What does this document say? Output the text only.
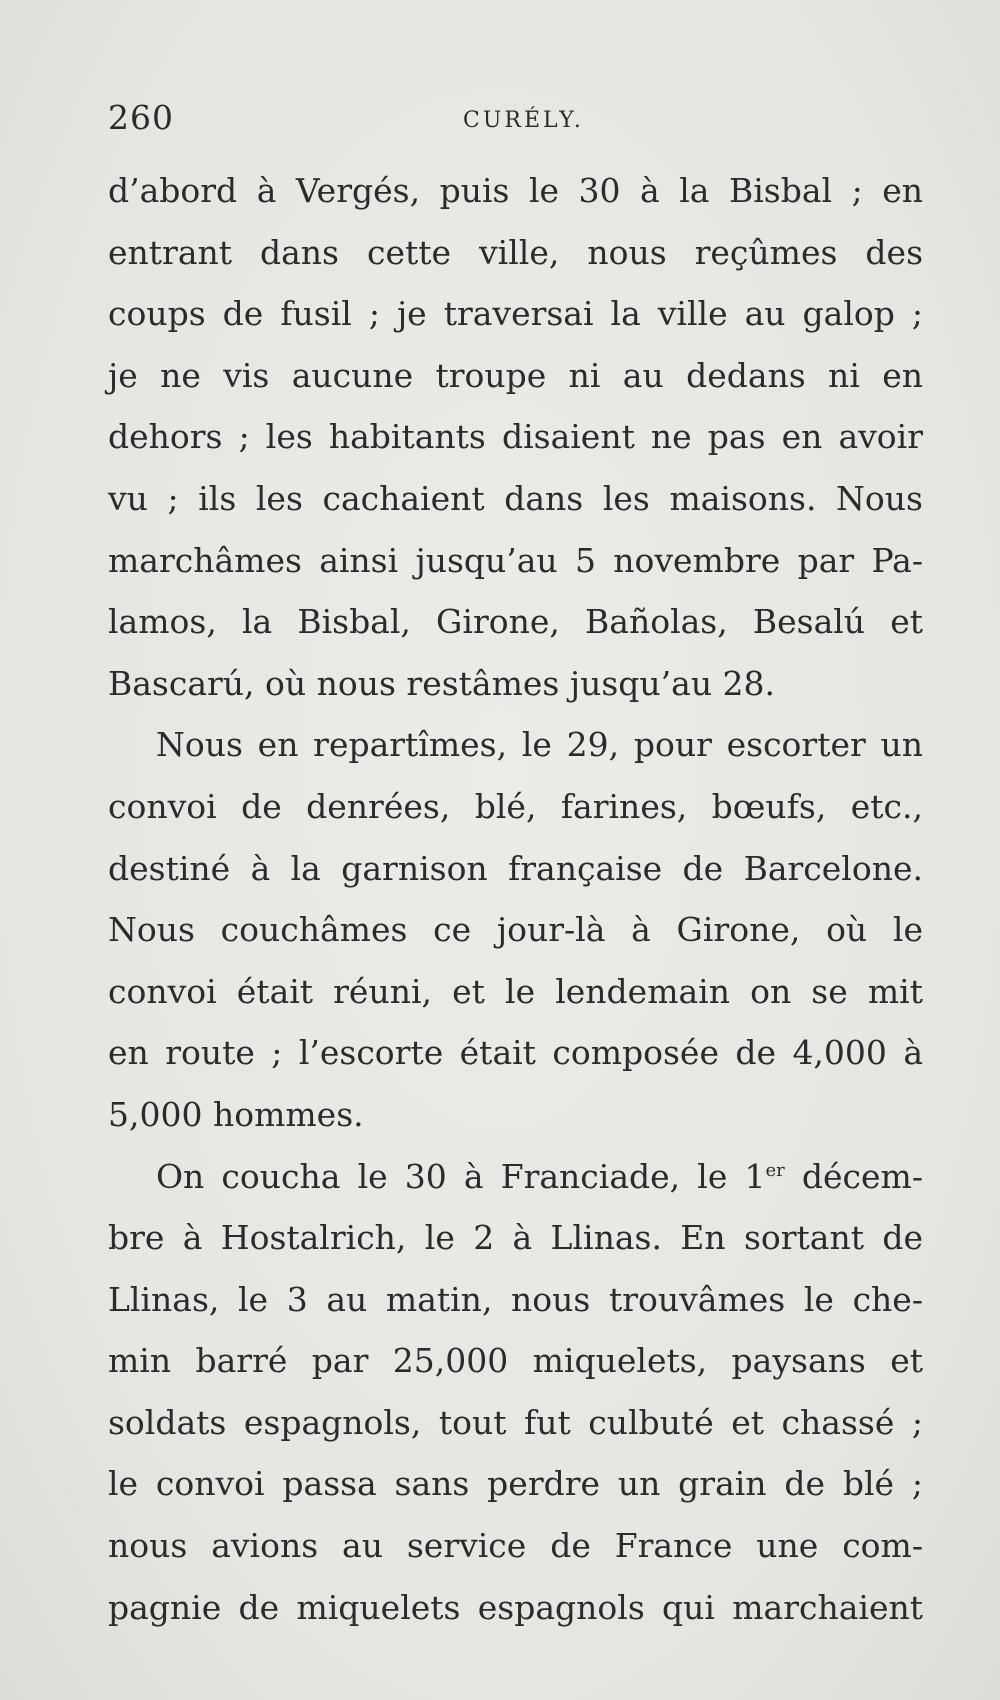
260	CURÉLY.
d’abord à Vergés, puis le 30 à la Bisbal ; en
entrant dans cette ville, nous reçûmes des
coups de fusil ; je traversai la ville au galop ;
je ne vis aucune troupe ni au dedans ni en
dehors ; les habitants disaient ne pas en avoir
vu ; ils les cachaient dans les maisons. Nous
marchâmes ainsi jusqu’au 5 novembre par Pa-
lamos, la Bisbal, Girone, Bañolas, Besalú et
Bascarú, où nous restâmes jusqu’au 28.
Nous en repartîmes, le 29, pour escorter un
convoi de denrées, blé, farines, bœufs, etc.,
destiné à la garnison française de Barcelone.
Nous couchâmes ce jour-là à Girone, où le
convoi était réuni, et le lendemain on se mit
en route ; l’escorte était composée de 4,000 à
5,000 hommes.
On coucha le 30 à Franciade, le 1er décem-
bre à Hostalrich, le 2 à Llinas. En sortant de
Llinas, le 3 au matin, nous trouvâmes le che-
min barré par 25,000 miquelets, paysans et
soldats espagnols, tout fut culbuté et chassé ;
le convoi passa sans perdre un grain de blé ;
nous avions au service de France une com-
pagnie de miquelets espagnols qui marchaient
